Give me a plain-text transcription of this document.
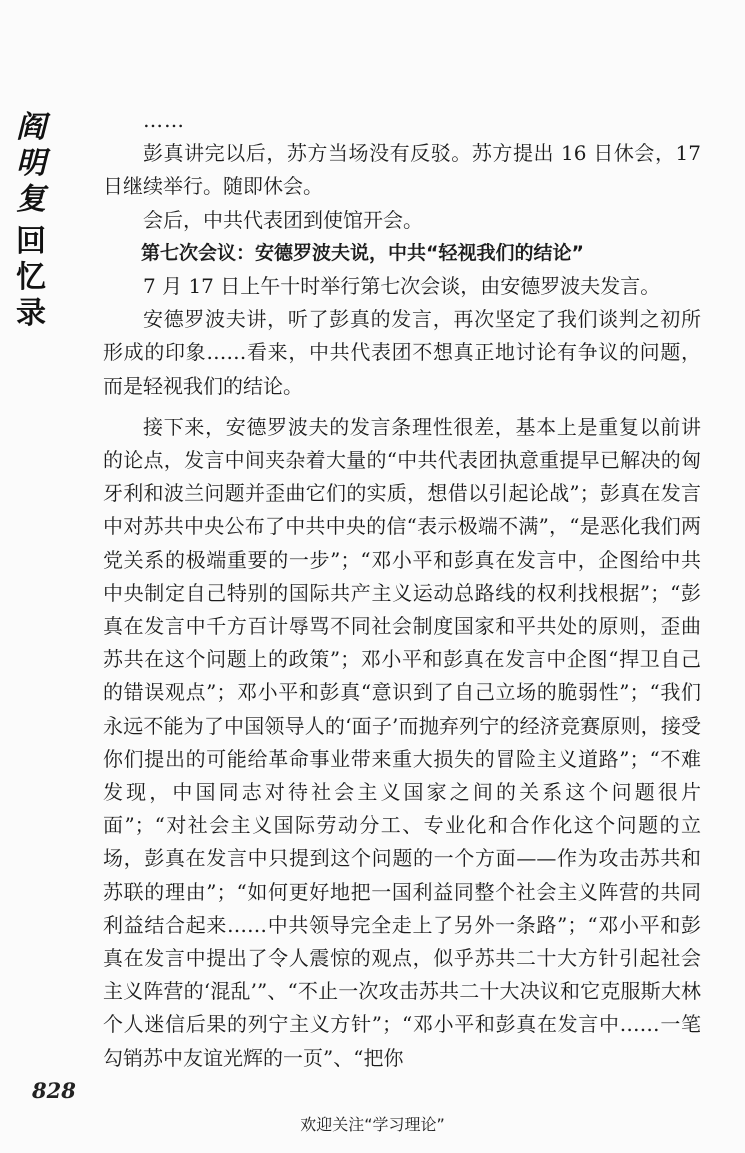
阎
明
复
回
忆
录

……

彭真讲完以后，苏方当场没有反驳。苏方提出 16 日休会，17 日继续举行。随即休会。

会后，中共代表团到使馆开会。

第七次会议：安德罗波夫说，中共“轻视我们的结论”

7 月 17 日上午十时举行第七次会谈，由安德罗波夫发言。

安德罗波夫讲，听了彭真的发言，再次坚定了我们谈判之初所形成的印象……看来，中共代表团不想真正地讨论有争议的问题，而是轻视我们的结论。

接下来，安德罗波夫的发言条理性很差，基本上是重复以前讲的论点，发言中间夹杂着大量的“中共代表团执意重提早已解决的匈牙利和波兰问题并歪曲它们的实质，想借以引起论战”；彭真在发言中对苏共中央公布了中共中央的信“表示极端不满”，“是恶化我们两党关系的极端重要的一步”；“邓小平和彭真在发言中，企图给中共中央制定自己特别的国际共产主义运动总路线的权利找根据”；“彭真在发言中千方百计辱骂不同社会制度国家和平共处的原则，歪曲苏共在这个问题上的政策”；邓小平和彭真在发言中企图“捍卫自己的错误观点”；邓小平和彭真“意识到了自己立场的脆弱性”；“我们永远不能为了中国领导人的‘面子’而抛弃列宁的经济竞赛原则，接受你们提出的可能给革命事业带来重大损失的冒险主义道路”；“不难发现，中国同志对待社会主义国家之间的关系这个问题很片面”；“对社会主义国际劳动分工、专业化和合作化这个问题的立场，彭真在发言中只提到这个问题的一个方面——作为攻击苏共和苏联的理由”；“如何更好地把一国利益同整个社会主义阵营的共同利益结合起来……中共领导完全走上了另外一条路”；“邓小平和彭真在发言中提出了令人震惊的观点，似乎苏共二十大方针引起社会主义阵营的‘混乱’”、“不止一次攻击苏共二十大决议和它克服斯大林个人迷信后果的列宁主义方针”；“邓小平和彭真在发言中……一笔勾销苏中友谊光辉的一页”、“把你

828
欢迎关注“学习理论”
